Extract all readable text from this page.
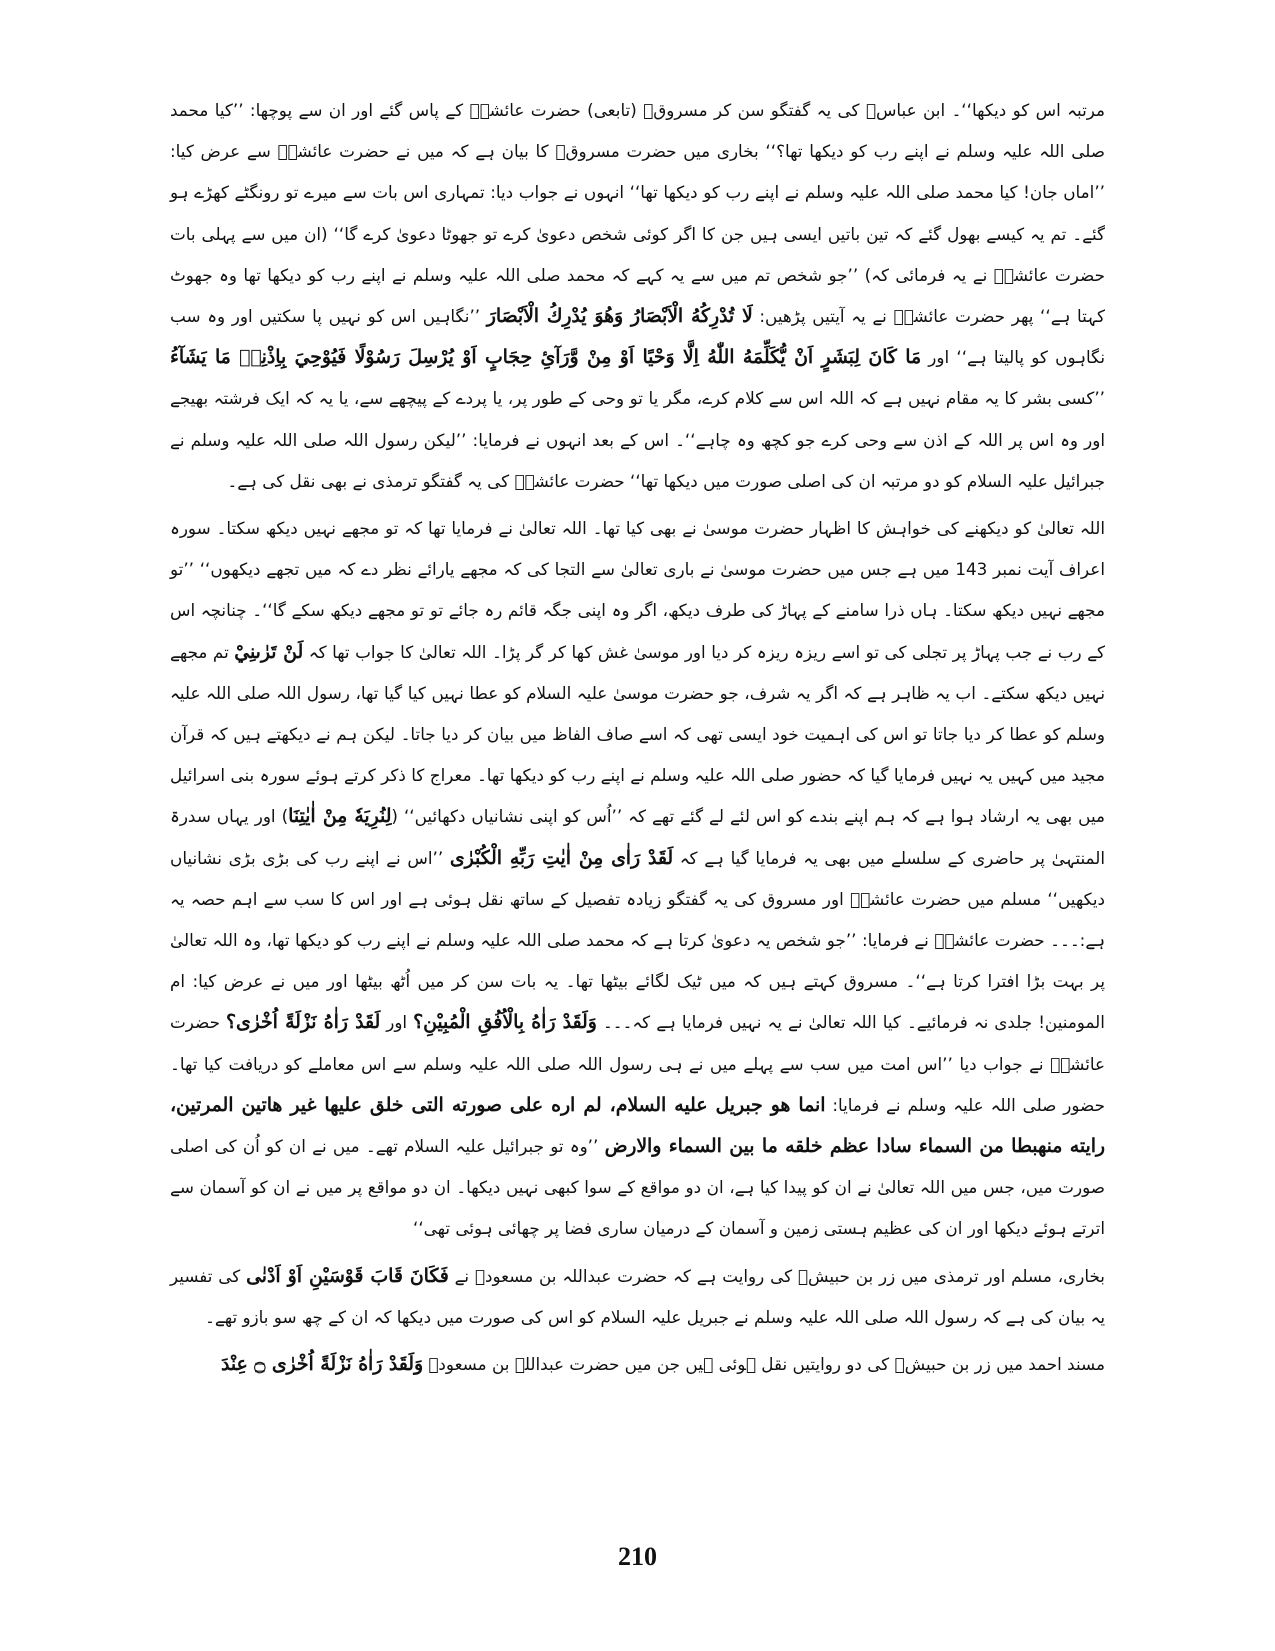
مرتبہ اس کو دیکھا‘‘۔ ابن عباسؓ کی یہ گفتگو سن کر مسروقؒ (تابعی) حضرت عائشہؓ کے پاس گئے اور ان سے پوچھا: ’’کیا محمد صلی اللہ علیہ وسلم نے اپنے رب کو دیکھا تھا؟‘‘ بخاری میں حضرت مسروقؒ کا بیان ہے کہ میں نے حضرت عائشہؓ سے عرض کیا: ’’اماں جان! کیا محمد صلی اللہ علیہ وسلم نے اپنے رب کو دیکھا تھا‘‘ انہوں نے جواب دیا: تمہاری اس بات سے میرے تو رونگٹے کھڑے ہو گئے۔ تم یہ کیسے بھول گئے کہ تین باتیں ایسی ہیں جن کا اگر کوئی شخص دعویٰ کرے تو جھوٹا دعویٰ کرے گا‘‘ (ان میں سے پہلی بات حضرت عائشہؓ نے یہ فرمائی کہ) ’’جو شخص تم میں سے یہ کہے کہ محمد صلی اللہ علیہ وسلم نے اپنے رب کو دیکھا تھا وہ جھوٹ کہتا ہے‘‘ پھر حضرت عائشہؓ نے یہ آیتیں پڑھیں: لَا تُدْرِكُهُ الْاَبْصَارُ وَهُوَ يُدْرِكُ الْاَبْصَارَ ’’نگاہیں اس کو نہیں پا سکتیں اور وہ سب نگاہوں کو پالیتا ہے‘‘ اور مَا كَانَ لِبَشَرٍ اَنْ يُّكَلِّمَهُ اللّٰهُ اِلَّا وَحْيًا اَوْ مِنْ وَّرَآئِ حِجَابٍ اَوْ يُرْسِلَ رَسُوْلًا فَيُوْحِيَ بِاِذْنِهٖ مَا يَشَآءُ ’’کسی بشر کا یہ مقام نہیں ہے کہ اللہ اس سے کلام کرے، مگر یا تو وحی کے طور پر، یا پردے کے پیچھے سے، یا یہ کہ ایک فرشتہ بھیجے اور وہ اس پر اللہ کے اذن سے وحی کرے جو کچھ وہ چاہے‘‘۔ اس کے بعد انہوں نے فرمایا: ’’لیکن رسول اللہ صلی اللہ علیہ وسلم نے جبرائیل علیہ السلام کو دو مرتبہ ان کی اصلی صورت میں دیکھا تھا‘‘ حضرت عائشہؓ کی یہ گفتگو ترمذی نے بھی نقل کی ہے۔

اللہ تعالیٰ کو دیکھنے کی خواہش کا اظہار حضرت موسیٰ نے بھی کیا تھا۔ اللہ تعالیٰ نے فرمایا تھا کہ تو مجھے نہیں دیکھ سکتا۔ سورہ اعراف آیت نمبر 143 میں ہے جس میں حضرت موسیٰ نے باری تعالیٰ سے التجا کی کہ مجھے یارائے نظر دے کہ میں تجھے دیکھوں‘‘ ’’تو مجھے نہیں دیکھ سکتا۔ ہاں ذرا سامنے کے پہاڑ کی طرف دیکھ، اگر وہ اپنی جگہ قائم رہ جائے تو تو مجھے دیکھ سکے گا‘‘۔ چنانچہ اس کے رب نے جب پہاڑ پر تجلی کی تو اسے ریزہ ریزہ کر دیا اور موسیٰ غش کھا کر گر پڑا۔ اللہ تعالیٰ کا جواب تھا کہ لَنْ تَرٰىنِيْ تم مجھے نہیں دیکھ سکتے۔ اب یہ ظاہر ہے کہ اگر یہ شرف، جو حضرت موسیٰ علیہ السلام کو عطا نہیں کیا گیا تھا، رسول اللہ صلی اللہ علیہ وسلم کو عطا کر دیا جاتا تو اس کی اہمیت خود ایسی تھی کہ اسے صاف الفاظ میں بیان کر دیا جاتا۔ لیکن ہم نے دیکھتے ہیں کہ قرآن مجید میں کہیں یہ نہیں فرمایا گیا کہ حضور صلی اللہ علیہ وسلم نے اپنے رب کو دیکھا تھا۔ معراج کا ذکر کرتے ہوئے سورہ بنی اسرائیل میں بھی یہ ارشاد ہوا ہے کہ ہم اپنے بندے کو اس لئے لے گئے تھے کہ ’’اُس کو اپنی نشانیاں دکھائیں‘‘ (لِنُرِيَهٗ مِنْ اٰيٰتِنَا) اور یہاں سدرۃ المنتہیٰ پر حاضری کے سلسلے میں بھی یہ فرمایا گیا ہے کہ لَقَدْ رَاٰى مِنْ اٰيٰتِ رَبِّهِ الْكُبْرٰى ’’اس نے اپنے رب کی بڑی بڑی نشانیاں دیکھیں‘‘ مسلم میں حضرت عائشہؓ اور مسروق کی یہ گفتگو زیادہ تفصیل کے ساتھ نقل ہوئی ہے اور اس کا سب سے اہم حصہ یہ ہے:۔۔۔ حضرت عائشہؓ نے فرمایا: ’’جو شخص یہ دعویٰ کرتا ہے کہ محمد صلی اللہ علیہ وسلم نے اپنے رب کو دیکھا تھا، وہ اللہ تعالیٰ پر بہت بڑا افترا کرتا ہے‘‘۔ مسروق کہتے ہیں کہ میں ٹیک لگائے بیٹھا تھا۔ یہ بات سن کر میں اُٹھ بیٹھا اور میں نے عرض کیا: ام المومنین! جلدی نہ فرمائیے۔ کیا اللہ تعالیٰ نے یہ نہیں فرمایا ہے کہ۔۔۔ وَلَقَدْ رَاٰهُ بِالْاُفُقِ الْمُبِيْنِ؟ اور لَقَدْ رَاٰهُ نَزْلَةً اُخْرٰى؟ حضرت عائشہؓ نے جواب دیا ’’اس امت میں سب سے پہلے میں نے ہی رسول اللہ صلی اللہ علیہ وسلم سے اس معاملے کو دریافت کیا تھا۔ حضور صلی اللہ علیہ وسلم نے فرمایا: انما هو جبريل عليه السلام، لم اره على صورته التى خلق عليها غير هاتين المرتين، رايته منهبطا من السماء سادا عظم خلقه ما بين السماء والارض ’’وہ تو جبرائیل علیہ السلام تھے۔ میں نے ان کو اُن کی اصلی صورت میں، جس میں اللہ تعالیٰ نے ان کو پیدا کیا ہے، ان دو مواقع کے سوا کبھی نہیں دیکھا۔ ان دو مواقع پر میں نے ان کو آسمان سے اترتے ہوئے دیکھا اور ان کی عظیم ہستی زمین و آسمان کے درمیان ساری فضا پر چھائی ہوئی تھی‘‘

بخاری، مسلم اور ترمذی میں زر بن حبیشؒ کی روایت ہے کہ حضرت عبداللہ بن مسعودؓ نے فَكَانَ قَابَ قَوْسَيْنِ اَوْ اَدْنٰى کی تفسیر یہ بیان کی ہے کہ رسول اللہ صلی اللہ علیہ وسلم نے جبریل علیہ السلام کو اس کی صورت میں دیکھا کہ ان کے چھ سو بازو تھے۔

مسند احمد میں زر بن حبیشؒ کی دو روایتیں نقل ہوئی ہیں جن میں حضرت عبداللہ بن مسعودؓ وَلَقَدْ رَاٰهُ نَزْلَةً اُخْرٰى ۝ عِنْدَ

210
